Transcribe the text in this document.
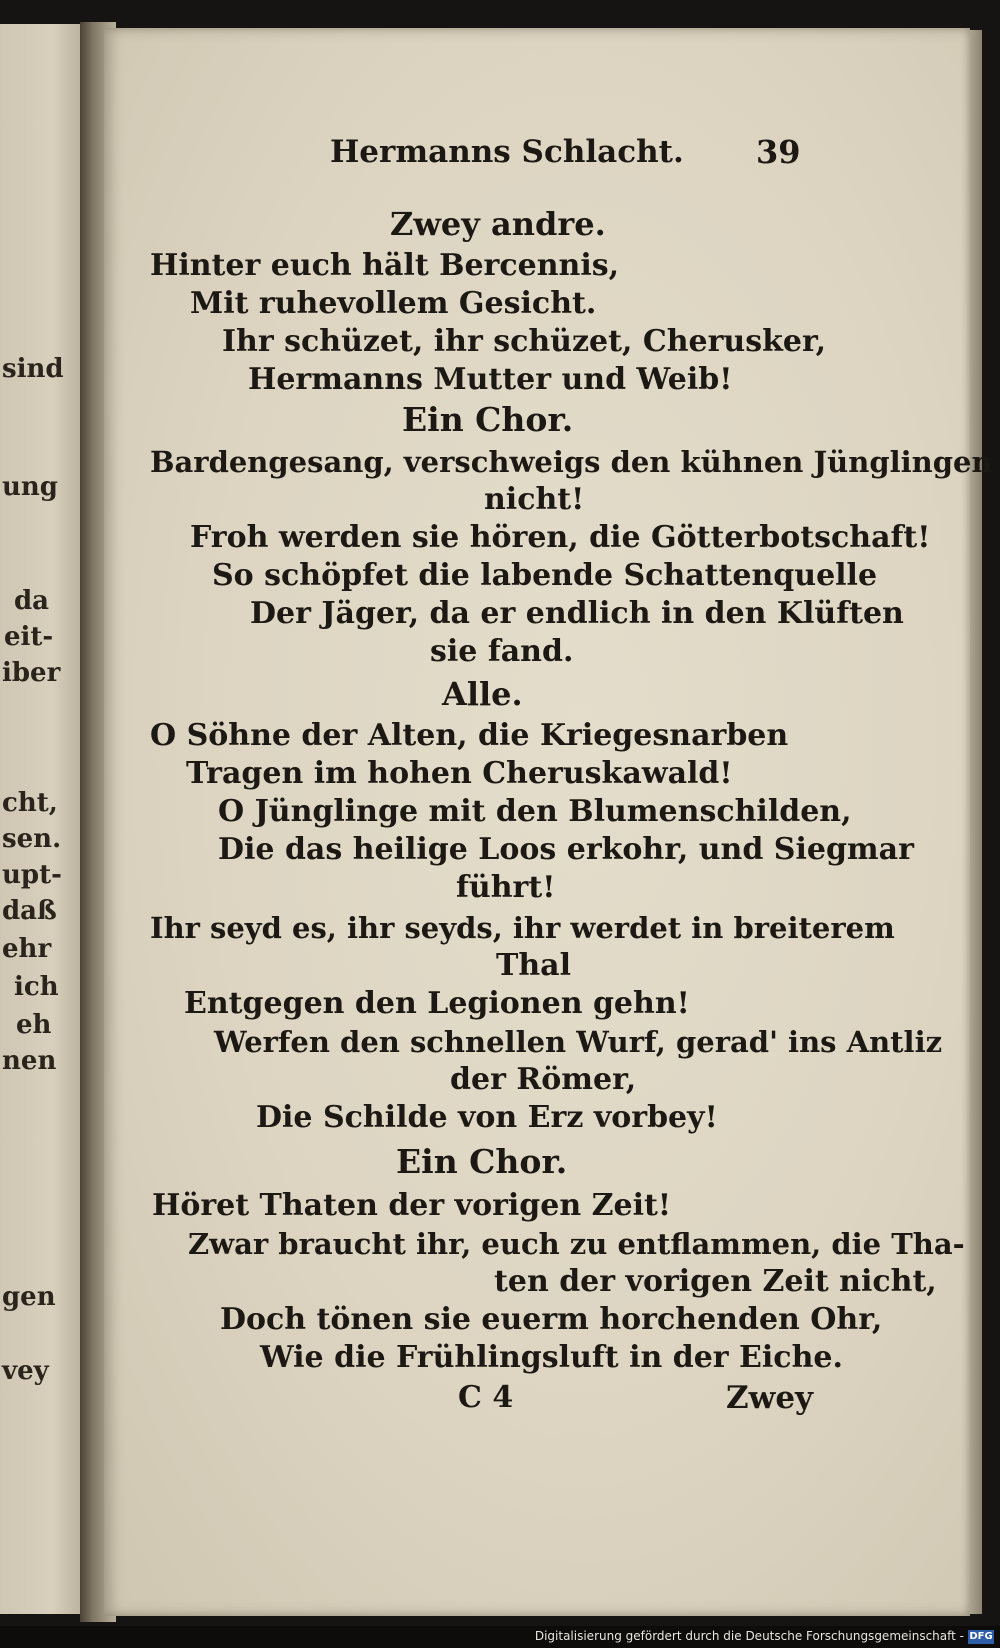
sind
ung
da
eit-
iber
cht,
sen.
upt-
daß
ehr
ich
eh
nen
gen
vey
Hermanns Schlacht. 39
Zwey andre.
Hinter euch hält Bercennis,
Mit ruhevollem Gesicht.
Ihr schüzet, ihr schüzet, Cherusker,
Hermanns Mutter und Weib!
Ein Chor.
Bardengesang, verschweigs den kühnen Jünglingen
nicht!
Froh werden sie hören, die Götterbotschaft!
So schöpfet die labende Schattenquelle
Der Jäger, da er endlich in den Klüften
sie fand.
Alle.
O Söhne der Alten, die Kriegesnarben
Tragen im hohen Cheruskawald!
O Jünglinge mit den Blumenschilden,
Die das heilige Loos erkohr, und Siegmar
führt!
Ihr seyd es, ihr seyds, ihr werdet in breiterem
Thal
Entgegen den Legionen gehn!
Werfen den schnellen Wurf, gerad' ins Antliz
der Römer,
Die Schilde von Erz vorbey!
Ein Chor.
Höret Thaten der vorigen Zeit!
Zwar braucht ihr, euch zu entflammen, die Tha-
ten der vorigen Zeit nicht,
Doch tönen sie euerm horchenden Ohr,
Wie die Frühlingsluft in der Eiche.
C 4	Zwey
Digitalisierung gefördert durch die Deutsche Forschungsgemeinschaft - DFG
